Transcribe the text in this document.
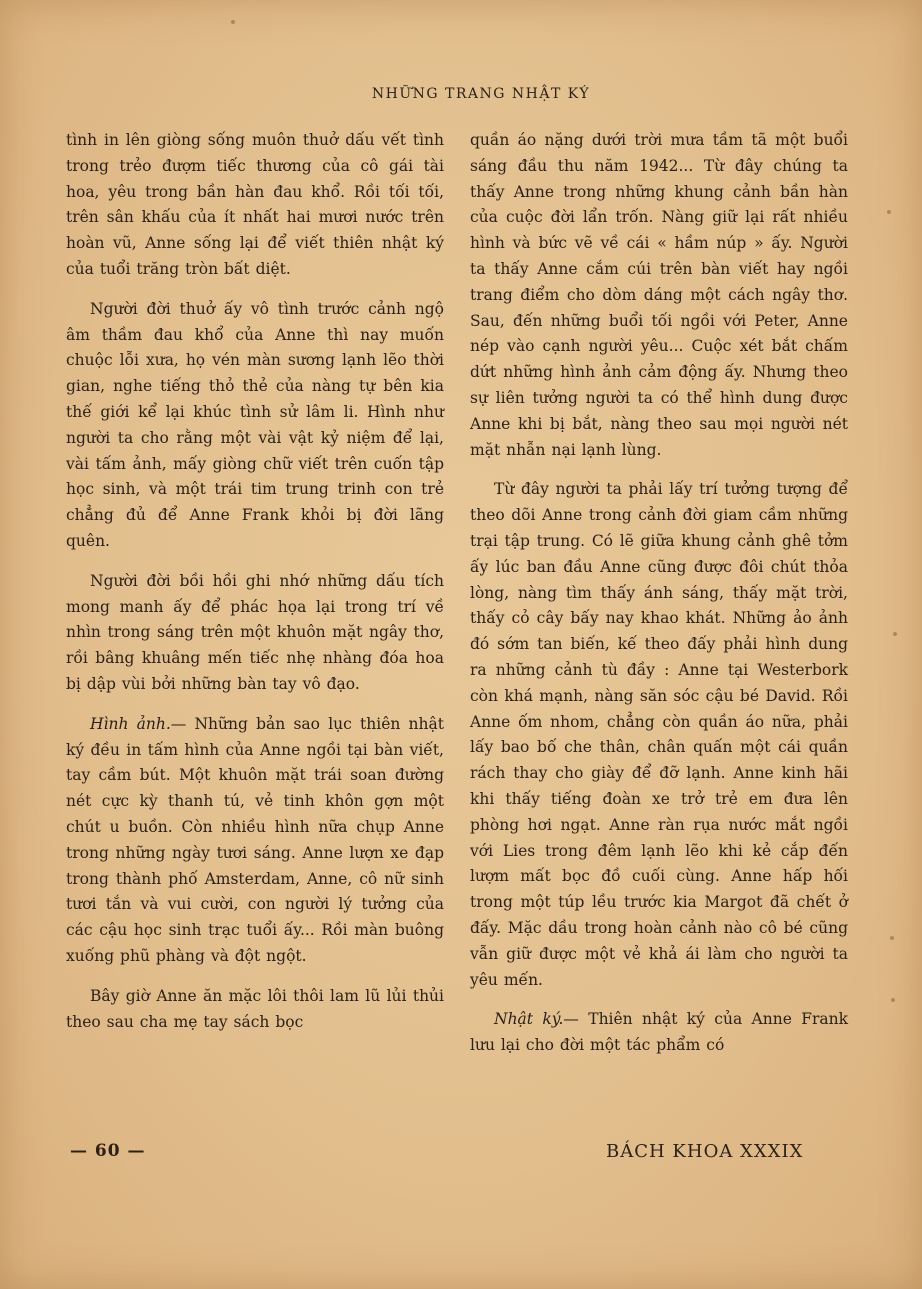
NHỮNG TRANG NHẬT KÝ

tình in lên giòng sống muôn thuở dấu vết tình trong trẻo đượm tiếc thương của cô gái tài hoa, yêu trong bần hàn đau khổ. Rồi tối tối, trên sân khấu của ít nhất hai mươi nước trên hoàn vũ, Anne sống lại để viết thiên nhật ký của tuổi trăng tròn bất diệt.

Người đời thuở ấy vô tình trước cảnh ngộ âm thầm đau khổ của Anne thì nay muốn chuộc lỗi xưa, họ vén màn sương lạnh lẽo thời gian, nghe tiếng thỏ thẻ của nàng tự bên kia thế giới kể lại khúc tình sử lâm li. Hình như người ta cho rằng một vài vật kỷ niệm để lại, vài tấm ảnh, mấy giòng chữ viết trên cuốn tập học sinh, và một trái tim trung trinh con trẻ chẳng đủ để Anne Frank khỏi bị đời lãng quên.

Người đời bồi hồi ghi nhớ những dấu tích mong manh ấy để phác họa lại trong trí về nhìn trong sáng trên một khuôn mặt ngây thơ, rồi bâng khuâng mến tiếc nhẹ nhàng đóa hoa bị dập vùi bởi những bàn tay vô đạo.

Hình ảnh.— Những bản sao lục thiên nhật ký đều in tấm hình của Anne ngồi tại bàn viết, tay cầm bút. Một khuôn mặt trái soan đường nét cực kỳ thanh tú, vẻ tinh khôn gợn một chút u buồn. Còn nhiều hình nữa chụp Anne trong những ngày tươi sáng. Anne lượn xe đạp trong thành phố Amsterdam, Anne, cô nữ sinh tươi tắn và vui cười, con người lý tưởng của các cậu học sinh trạc tuổi ấy... Rồi màn buông xuống phũ phàng và đột ngột.

Bây giờ Anne ăn mặc lôi thôi lam lũ lủi thủi theo sau cha mẹ tay sách bọc

quần áo nặng dưới trời mưa tầm tã một buổi sáng đầu thu năm 1942... Từ đây chúng ta thấy Anne trong những khung cảnh bần hàn của cuộc đời lẩn trốn. Nàng giữ lại rất nhiều hình và bức vẽ về cái « hầm núp » ấy. Người ta thấy Anne cắm cúi trên bàn viết hay ngồi trang điểm cho dòm dáng một cách ngây thơ. Sau, đến những buổi tối ngồi với Peter, Anne nép vào cạnh người yêu... Cuộc xét bắt chấm dứt những hình ảnh cảm động ấy. Nhưng theo sự liên tưởng người ta có thể hình dung được Anne khi bị bắt, nàng theo sau mọi người nét mặt nhẫn nại lạnh lùng.

Từ đây người ta phải lấy trí tưởng tượng để theo dõi Anne trong cảnh đời giam cầm những trại tập trung. Có lẽ giữa khung cảnh ghê tởm ấy lúc ban đầu Anne cũng được đôi chút thỏa lòng, nàng tìm thấy ánh sáng, thấy mặt trời, thấy cỏ cây bấy nay khao khát. Những ảo ảnh đó sớm tan biến, kế theo đấy phải hình dung ra những cảnh tù đầy : Anne tại Westerbork còn khá mạnh, nàng săn sóc cậu bé David. Rồi Anne ốm nhom, chẳng còn quần áo nữa, phải lấy bao bố che thân, chân quấn một cái quần rách thay cho giày để đỡ lạnh. Anne kinh hãi khi thấy tiếng đoàn xe trở trẻ em đưa lên phòng hơi ngạt. Anne ràn rụa nước mắt ngồi với Lies trong đêm lạnh lẽo khi kẻ cắp đến lượm mất bọc đồ cuối cùng. Anne hấp hối trong một túp lều trước kia Margot đã chết ở đấy. Mặc dầu trong hoàn cảnh nào cô bé cũng vẫn giữ được một vẻ khả ái làm cho người ta yêu mến.

Nhật ký.— Thiên nhật ký của Anne Frank lưu lại cho đời một tác phẩm có

— 60 —	BÁCH KHOA XXXIX
